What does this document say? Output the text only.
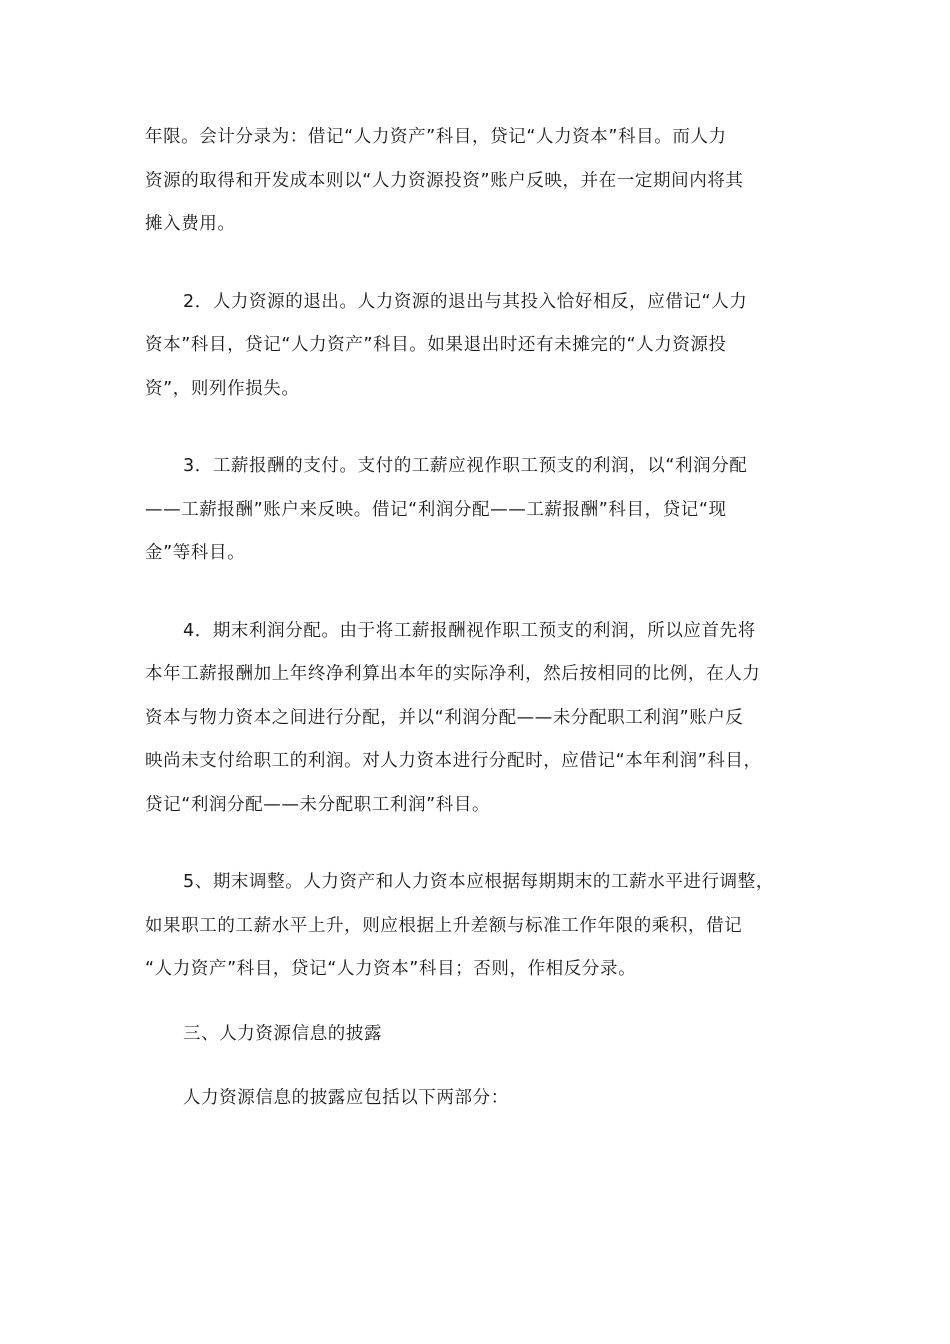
年限。会计分录为：借记“人力资产”科目，贷记“人力资本”科目。而人力
资源的取得和开发成本则以“人力资源投资”账户反映，并在一定期间内将其
摊入费用。
2．人力资源的退出。人力资源的退出与其投入恰好相反，应借记“人力
资本”科目，贷记“人力资产”科目。如果退出时还有未摊完的“人力资源投
资”，则列作损失。
3．工薪报酬的支付。支付的工薪应视作职工预支的利润，以“利润分配
——工薪报酬”账户来反映。借记“利润分配——工薪报酬”科目，贷记“现
金”等科目。
4．期末利润分配。由于将工薪报酬视作职工预支的利润，所以应首先将
本年工薪报酬加上年终净利算出本年的实际净利，然后按相同的比例，在人力
资本与物力资本之间进行分配，并以“利润分配——未分配职工利润”账户反
映尚未支付给职工的利润。对人力资本进行分配时，应借记“本年利润”科目，
贷记“利润分配——未分配职工利润”科目。
5、期末调整。人力资产和人力资本应根据每期期末的工薪水平进行调整，
如果职工的工薪水平上升，则应根据上升差额与标准工作年限的乘积，借记
“人力资产”科目，贷记“人力资本”科目；否则，作相反分录。
三、人力资源信息的披露
人力资源信息的披露应包括以下两部分：
